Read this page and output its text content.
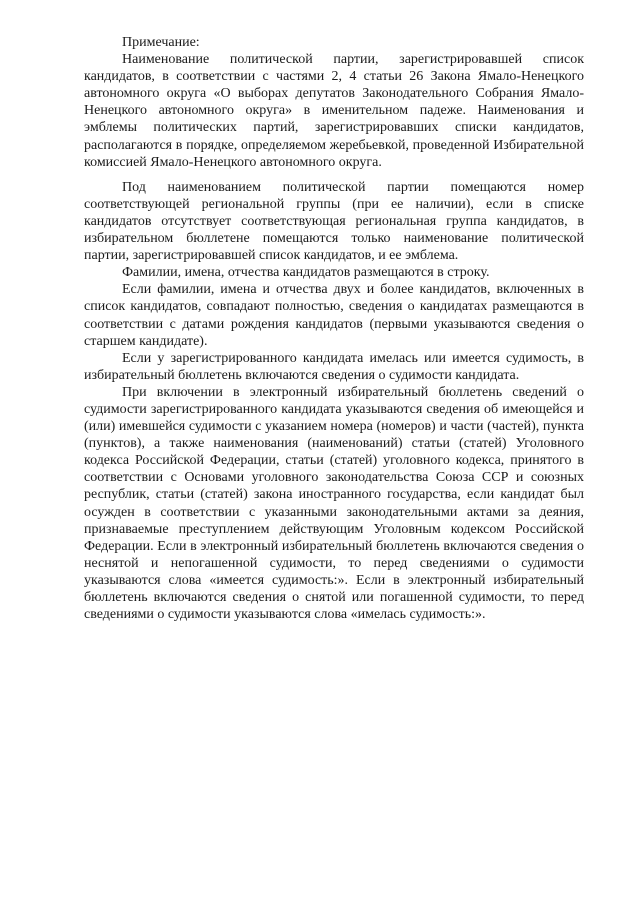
Примечание:

Наименование политической партии, зарегистрировавшей список кандидатов, в соответствии с частями 2, 4 статьи 26 Закона Ямало-Ненецкого автономного округа «О выборах депутатов Законодательного Собрания Ямало-Ненецкого автономного округа» в именительном падеже. Наименования и эмблемы политических партий, зарегистрировавших списки кандидатов, располагаются в порядке, определяемом жеребьевкой, проведенной Избирательной комиссией Ямало-Ненецкого автономного округа.

Под наименованием политической партии помещаются номер соответствующей региональной группы (при ее наличии), если в списке кандидатов отсутствует соответствующая региональная группа кандидатов, в избирательном бюллетене помещаются только наименование политической партии, зарегистрировавшей список кандидатов, и ее эмблема.

Фамилии, имена, отчества кандидатов размещаются в строку.

Если фамилии, имена и отчества двух и более кандидатов, включенных в список кандидатов, совпадают полностью, сведения о кандидатах размещаются в соответствии с датами рождения кандидатов (первыми указываются сведения о старшем кандидате).

Если у зарегистрированного кандидата имелась или имеется судимость, в избирательный бюллетень включаются сведения о судимости кандидата.

При включении в электронный избирательный бюллетень сведений о судимости зарегистрированного кандидата указываются сведения об имеющейся и (или) имевшейся судимости с указанием номера (номеров) и части (частей), пункта (пунктов), а также наименования (наименований) статьи (статей) Уголовного кодекса Российской Федерации, статьи (статей) уголовного кодекса, принятого в соответствии с Основами уголовного законодательства Союза ССР и союзных республик, статьи (статей) закона иностранного государства, если кандидат был осужден в соответствии с указанными законодательными актами за деяния, признаваемые преступлением действующим Уголовным кодексом Российской Федерации. Если в электронный избирательный бюллетень включаются сведения о неснятой и непогашенной судимости, то перед сведениями о судимости указываются слова «имеется судимость:». Если в электронный избирательный бюллетень включаются сведения о снятой или погашенной судимости, то перед сведениями о судимости указываются слова «имелась судимость:».
